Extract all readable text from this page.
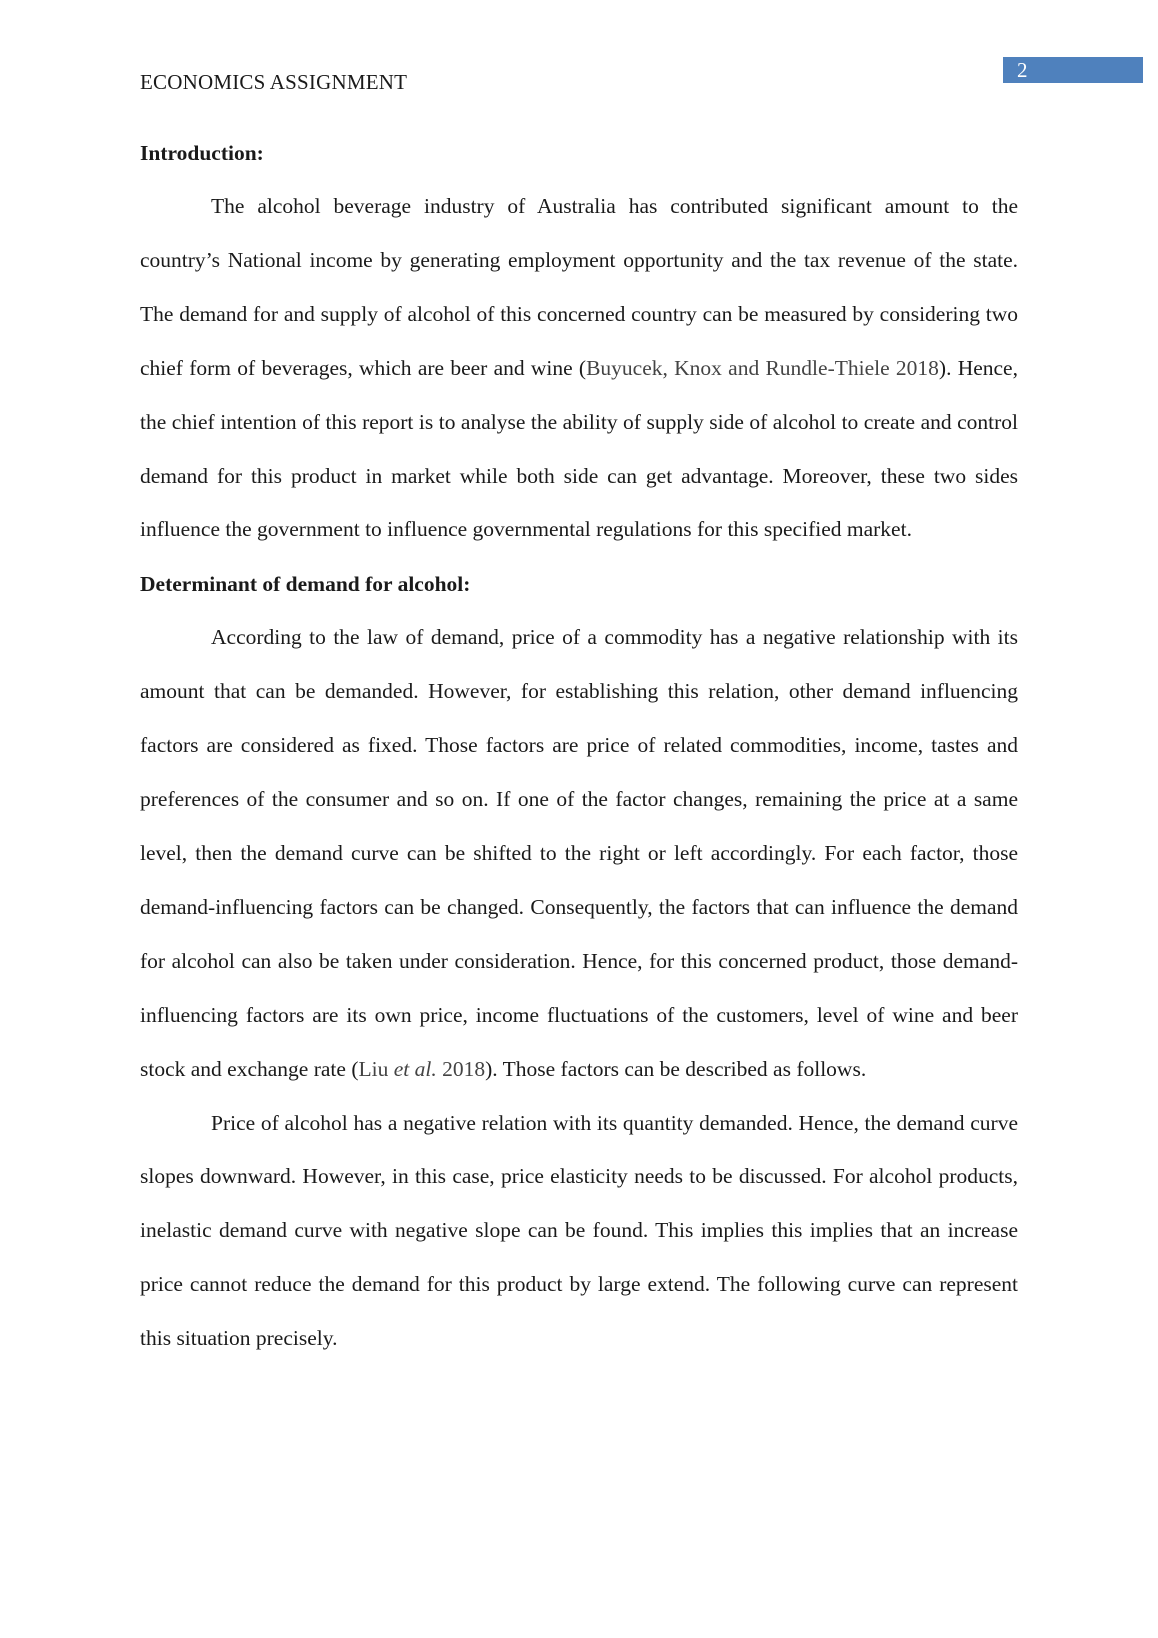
2
ECONOMICS ASSIGNMENT
Introduction:

The alcohol beverage industry of Australia has contributed significant amount to the country’s National income by generating employment opportunity and the tax revenue of the state. The demand for and supply of alcohol of this concerned country can be measured by considering two chief form of beverages, which are beer and wine (Buyucek, Knox and Rundle-Thiele 2018). Hence, the chief intention of this report is to analyse the ability of supply side of alcohol to create and control demand for this product in market while both side can get advantage. Moreover, these two sides influence the government to influence governmental regulations for this specified market.

Determinant of demand for alcohol:

According to the law of demand, price of a commodity has a negative relationship with its amount that can be demanded. However, for establishing this relation, other demand influencing factors are considered as fixed. Those factors are price of related commodities, income, tastes and preferences of the consumer and so on. If one of the factor changes, remaining the price at a same level, then the demand curve can be shifted to the right or left accordingly. For each factor, those demand-influencing factors can be changed. Consequently, the factors that can influence the demand for alcohol can also be taken under consideration. Hence, for this concerned product, those demand-influencing factors are its own price, income fluctuations of the customers, level of wine and beer stock and exchange rate (Liu et al. 2018). Those factors can be described as follows.

Price of alcohol has a negative relation with its quantity demanded. Hence, the demand curve slopes downward. However, in this case, price elasticity needs to be discussed. For alcohol products, inelastic demand curve with negative slope can be found. This implies this implies that an increase price cannot reduce the demand for this product by large extend. The following curve can represent this situation precisely.
